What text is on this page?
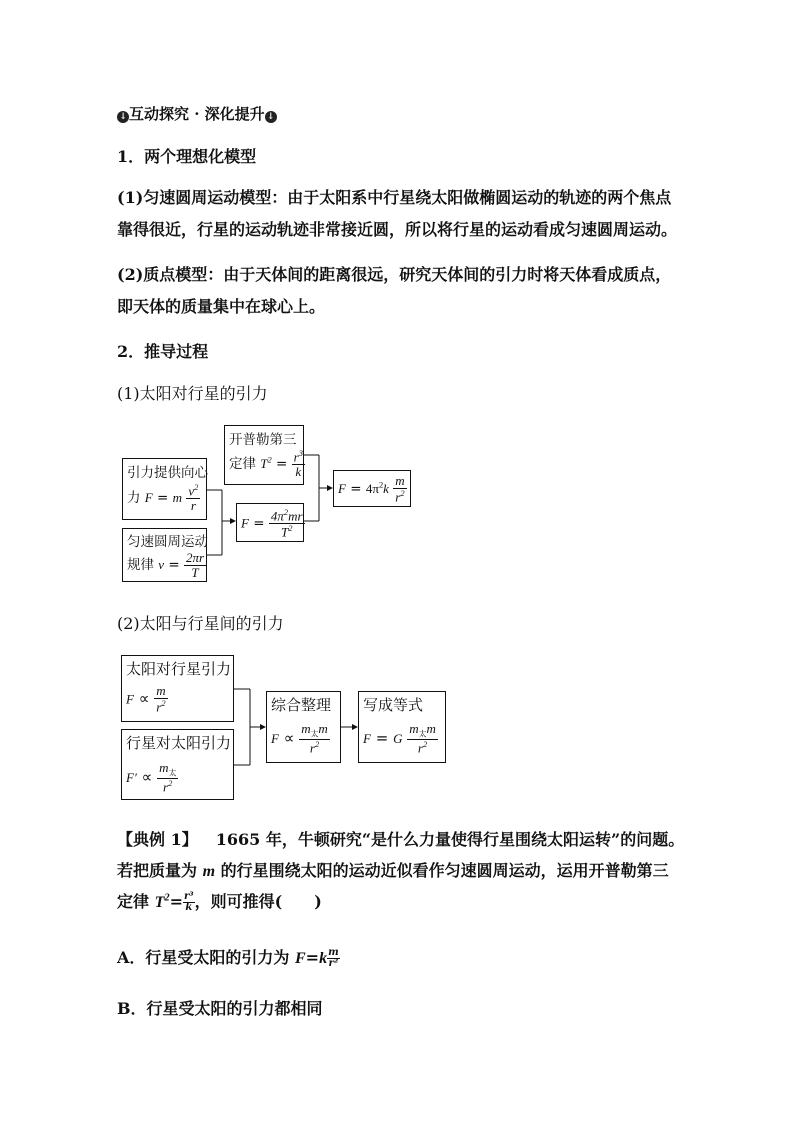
↓ 互动探究 · 深化提升 ↓
1．两个理想化模型
(1)匀速圆周运动模型：由于太阳系中行星绕太阳做椭圆运动的轨迹的两个焦点
靠得很近，行星的运动轨迹非常接近圆，所以将行星的运动看成匀速圆周运动。
(2)质点模型：由于天体间的距离很远，研究天体间的引力时将天体看成质点，
即天体的质量集中在球心上。
2．推导过程
(1)太阳对行星的引力
引力提供向心
力 F = m $\frac{v^2}{r}$
匀速圆周运动
规律 $v = \frac{2\pi r}{T}$
开普勒第三
定律 $T^2 = \frac{r^3}{k}$
$F = \frac{4\pi^2mr}{T^2}$
$F = 4\pi^2k \frac{m}{r^2}$
(2)太阳与行星间的引力
太阳对行星引力
$F \propto \frac{m}{r^2}$
行星对太阳引力
$F' \propto \frac{m_太}{r^2}$
综合整理
$F \propto \frac{m_太m}{r^2}$
写成等式
F = G $\frac{m_太m}{r^2}$
【典例 1】 1665 年，牛顿研究“是什么力量使得行星围绕太阳运转”的问题。
若把质量为 m 的行星围绕太阳的运动近似看作匀速圆周运动，运用开普勒第三
定律 $T^2= \frac{\text{r³}}{k}$ ，则可推得(　　)
A．行星受太阳的引力为 $F=k \frac{m}{\text{r²}}$
B．行星受太阳的引力都相同
